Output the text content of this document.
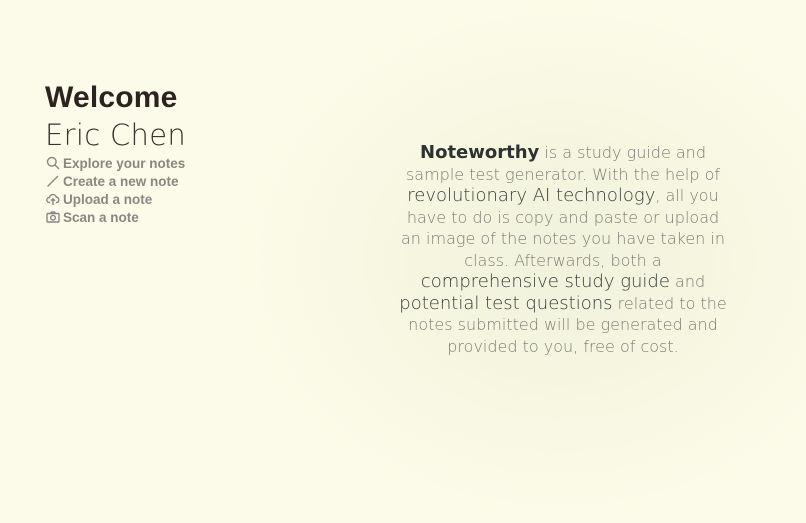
Welcome
Eric Chen
Explore your notes
Create a new note
Upload a note
Scan a note

Noteworthy is a study guide and sample test generator. With the help of revolutionary AI technology, all you have to do is copy and paste or upload an image of the notes you have taken in class. Afterwards, both a comprehensive study guide and potential test questions related to the notes submitted will be generated and provided to you, free of cost.
